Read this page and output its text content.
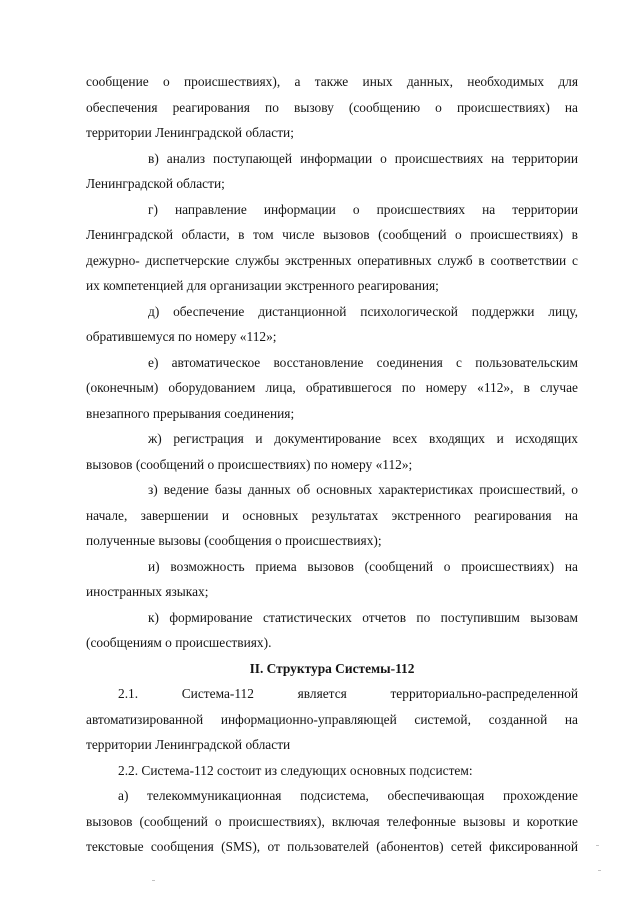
сообщение о происшествиях), а также иных данных, необходимых для
обеспечения реагирования по вызову (сообщению о происшествиях) на
территории Ленинградской области;
в) анализ поступающей информации о происшествиях на территории
Ленинградской области;
г) направление информации о происшествиях на территории
Ленинградской области, в том числе вызовов (сообщений о происшествиях) в
дежурно- диспетчерские службы экстренных оперативных служб в соответствии с
их компетенцией для организации экстренного реагирования;
д) обеспечение дистанционной психологической поддержки лицу,
обратившемуся по номеру «112»;
е) автоматическое восстановление соединения с пользовательским
(оконечным) оборудованием лица, обратившегося по номеру «112», в случае
внезапного прерывания соединения;
ж) регистрация и документирование всех входящих и исходящих
вызовов (сообщений о происшествиях) по номеру «112»;
з) ведение базы данных об основных характеристиках происшествий, о
начале, завершении и основных результатах экстренного реагирования на
полученные вызовы (сообщения о происшествиях);
и) возможность приема вызовов (сообщений о происшествиях) на
иностранных языках;
к) формирование статистических отчетов по поступившим вызовам
(сообщениям о происшествиях).
II. Структура Системы-112
2.1. Система-112 является территориально-распределенной
автоматизированной информационно-управляющей системой, созданной на
территории Ленинградской области
2.2. Система-112 состоит из следующих основных подсистем:
а) телекоммуникационная подсистема, обеспечивающая прохождение
вызовов (сообщений о происшествиях), включая телефонные вызовы и короткие
текстовые сообщения (SMS), от пользователей (абонентов) сетей фиксированной
